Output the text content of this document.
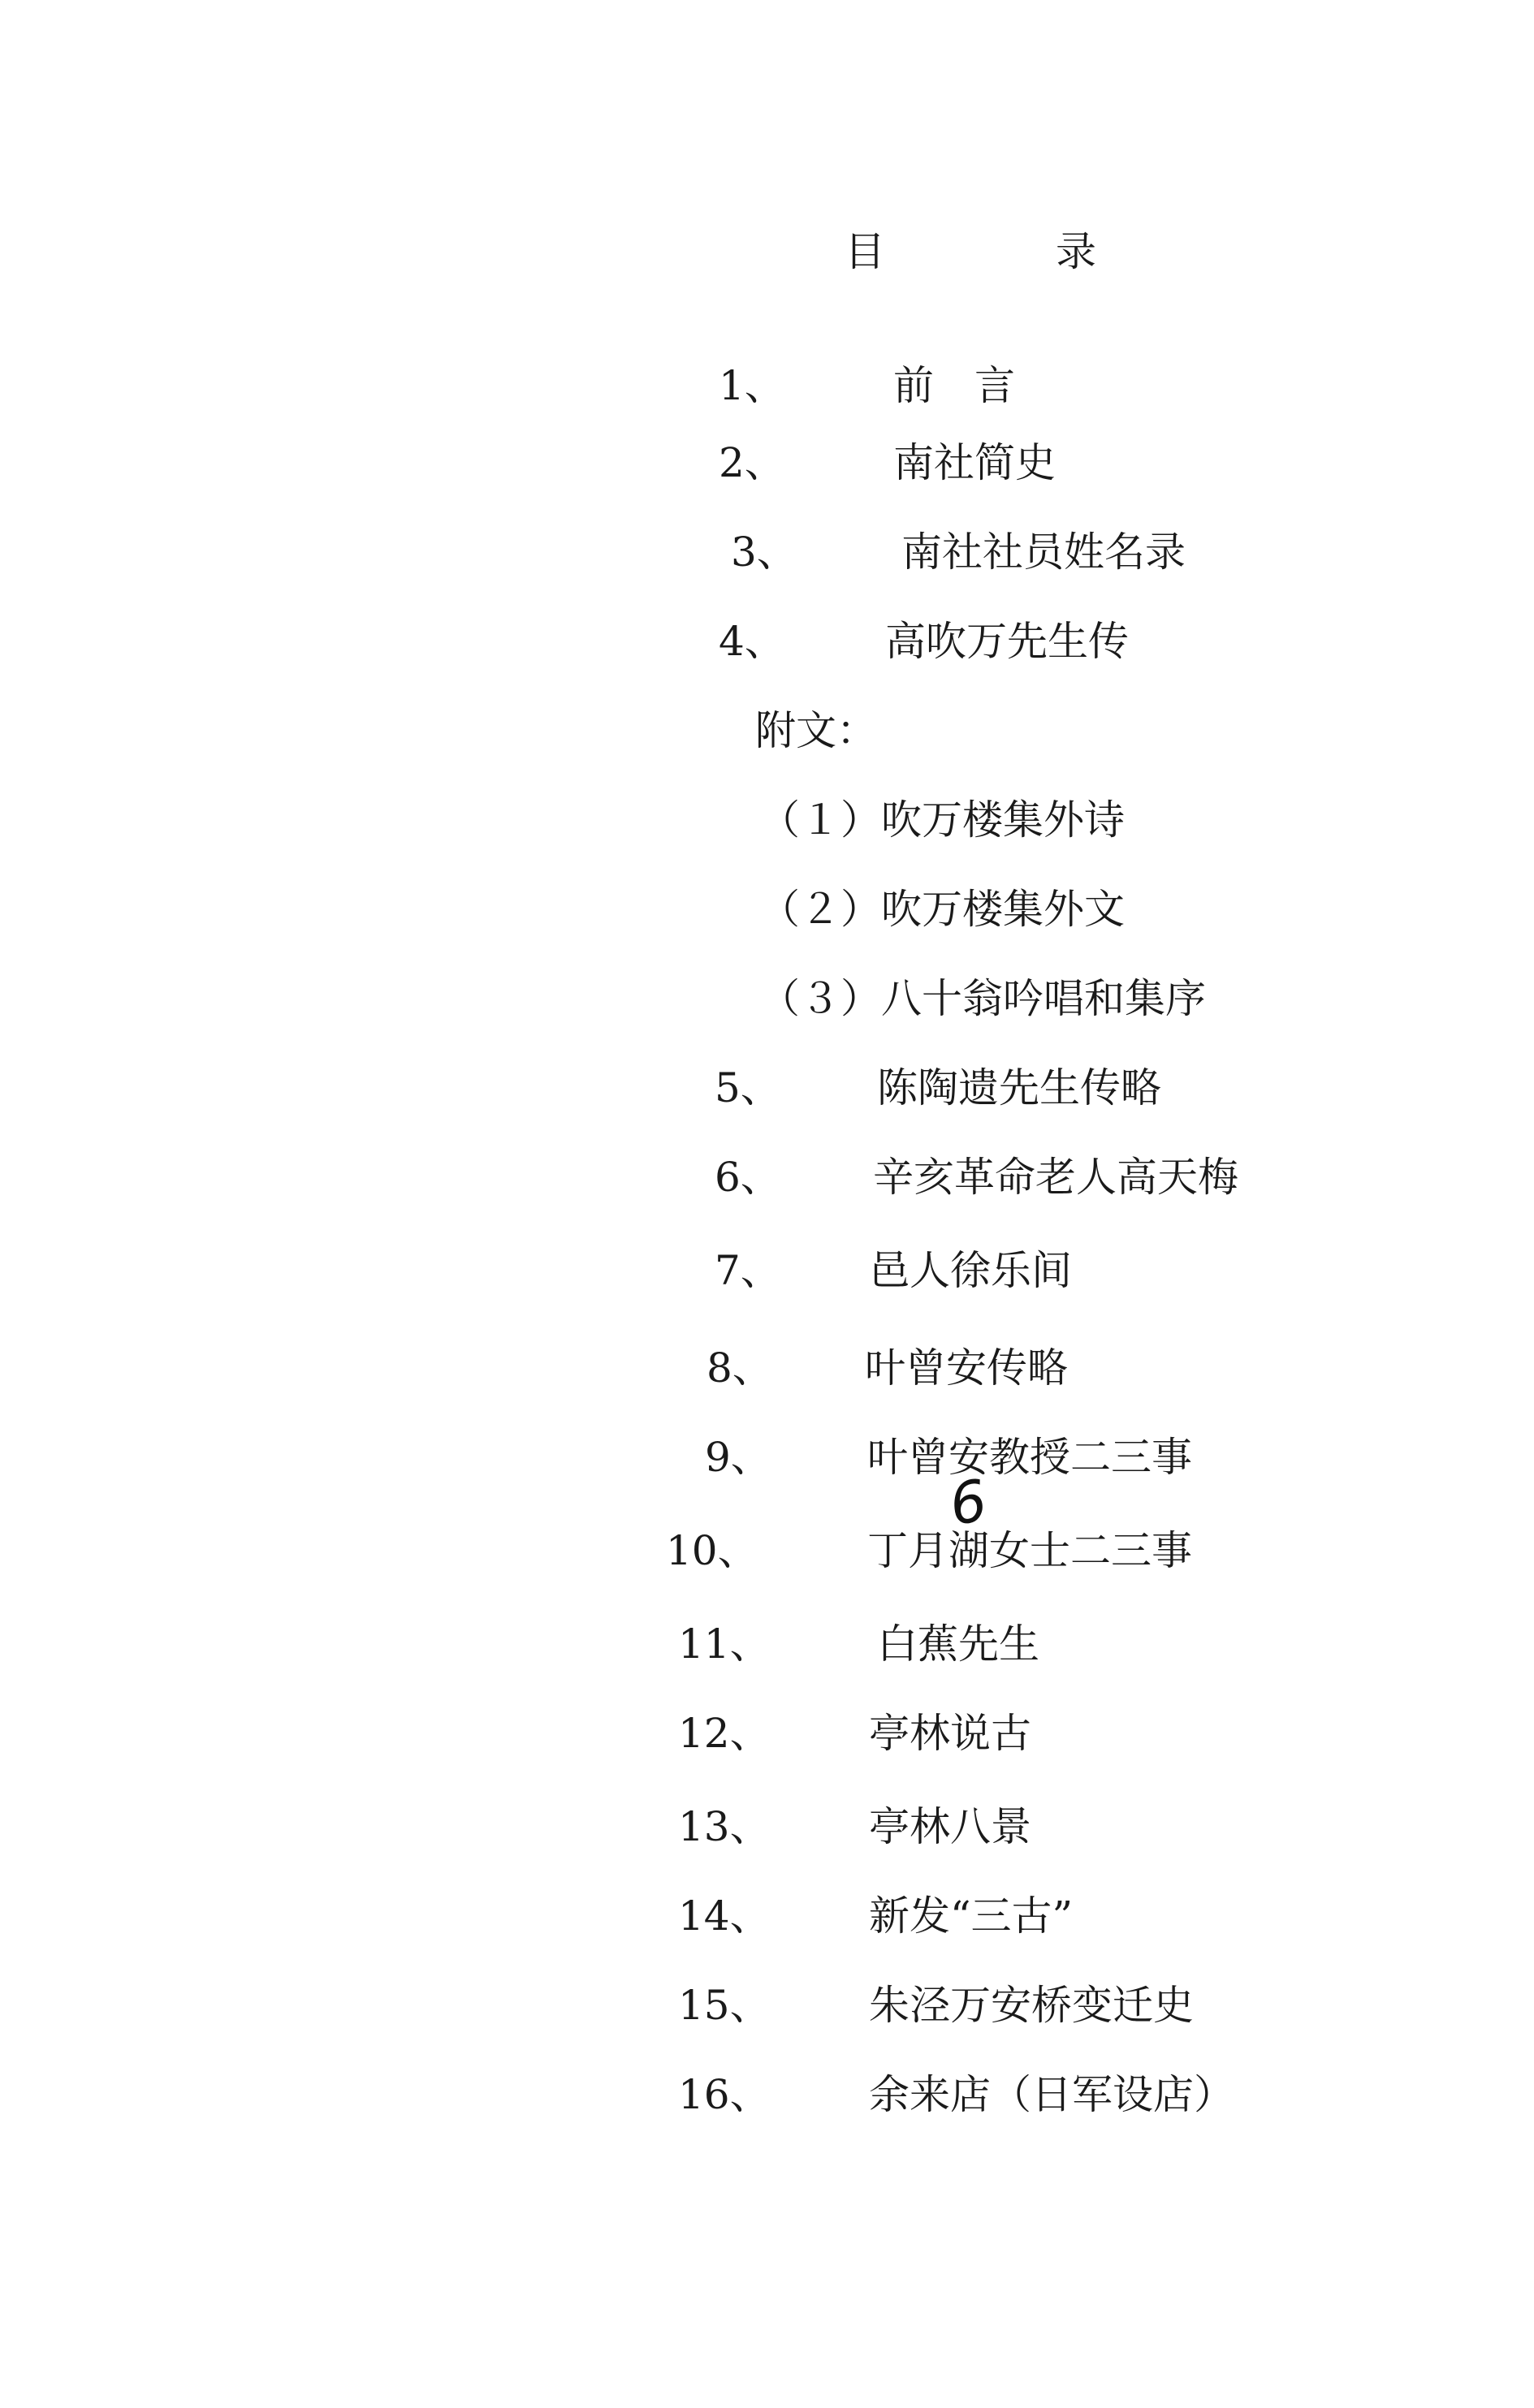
目	录
1、	前　言
2、	南社简史
3、	南社社员姓名录
4、 高吹万先生传
附文：
（１）吹万楼集外诗
（２）吹万楼集外文
（３）八十翁吟唱和集序
5、 陈陶遗先生传略
6、 辛亥革命老人高天梅
7、 邑人徐乐间
8、 叶曾安传略
9、 叶曾安教授二三事
10、	丁月湖女士二三事
11、	白蕉先生
12、 亭林说古
13、 亭林八景
14、 新发“三古”
15、 朱泾万安桥变迁史
16、 余来店（日军设店）
6
